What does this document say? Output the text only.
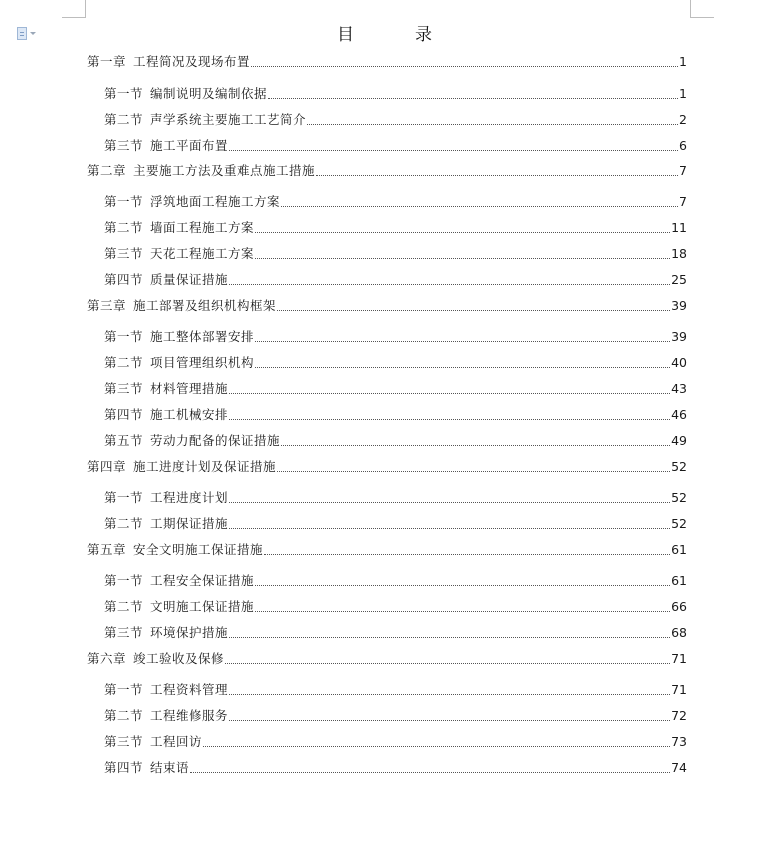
目　录
第一章 工程简况及现场布置	1
第一节 编制说明及编制依据	1
第二节 声学系统主要施工工艺简介	2
第三节 施工平面布置	6
第二章 主要施工方法及重难点施工措施	7
第一节 浮筑地面工程施工方案	7
第二节 墙面工程施工方案	11
第三节 天花工程施工方案	18
第四节 质量保证措施	25
第三章 施工部署及组织机构框架	39
第一节 施工整体部署安排	39
第二节 项目管理组织机构	40
第三节 材料管理措施	43
第四节 施工机械安排	46
第五节 劳动力配备的保证措施	49
第四章 施工进度计划及保证措施	52
第一节 工程进度计划	52
第二节 工期保证措施	52
第五章 安全文明施工保证措施	61
第一节 工程安全保证措施	61
第二节 文明施工保证措施	66
第三节 环境保护措施	68
第六章 竣工验收及保修	71
第一节 工程资料管理	71
第二节 工程维修服务	72
第三节 工程回访	73
第四节 结束语	74
